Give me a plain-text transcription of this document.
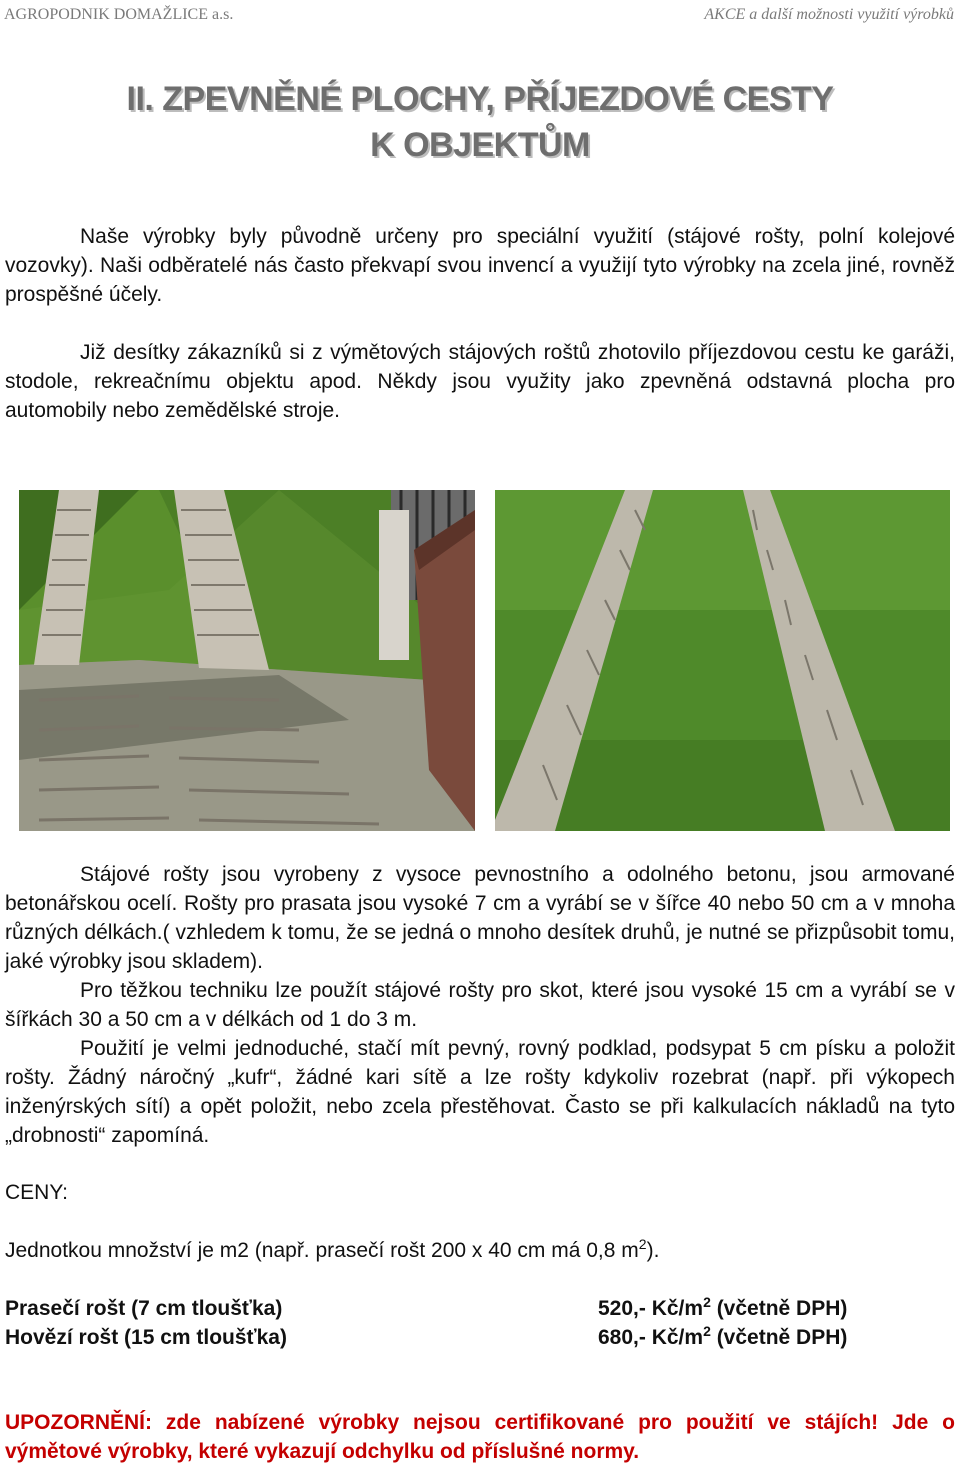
AGROPODNIK DOMAŽLICE a.s.	AKCE a další možnosti využití výrobků
II. ZPEVNĚNÉ PLOCHY, PŘÍJEZDOVÉ CESTY
K OBJEKTŮM
Naše výrobky byly původně určeny pro speciální využití (stájové rošty, polní kolejové vozovky). Naši odběratelé nás často překvapí svou invencí a využijí tyto výrobky na zcela jiné, rovněž prospěšné účely.
Již desítky zákazníků si z výmětových stájových roštů zhotovilo příjezdovou cestu ke garáži, stodole, rekreačnímu objektu apod. Někdy jsou využity jako zpevněná odstavná plocha pro automobily nebo zemědělské stroje.
Stájové rošty jsou vyrobeny z vysoce pevnostního a odolného betonu, jsou armované betonářskou ocelí. Rošty pro prasata jsou vysoké 7 cm a vyrábí se v šířce 40 nebo 50 cm a v mnoha různých délkách.( vzhledem k tomu, že se jedná o mnoho desítek druhů, je nutné se přizpůsobit tomu, jaké výrobky jsou skladem).
Pro těžkou techniku lze použít stájové rošty pro skot, které jsou vysoké 15 cm a vyrábí se v šířkách 30 a 50 cm a v délkách od 1 do 3 m.
Použití je velmi jednoduché, stačí mít pevný, rovný podklad, podsypat 5 cm písku a položit rošty. Žádný náročný „kufr“, žádné kari sítě a lze rošty kdykoliv rozebrat (např. při výkopech inženýrských sítí) a opět položit, nebo zcela přestěhovat. Často se při kalkulacích nákladů na tyto „drobnosti“ zapomíná.
CENY:
Jednotkou množství je m2 (např. prasečí rošt 200 x 40 cm má 0,8 $m^2$).
Prasečí rošt (7 cm tloušťka)	520,- $Kč/m^2$ (včetně DPH)
Hovězí rošt (15 cm tloušťka)	680,- $Kč/m^2$ (včetně DPH)
UPOZORNĚNÍ: zde nabízené výrobky nejsou certifikované pro použití ve stájích! Jde o výmětové výrobky, které vykazují odchylku od příslušné normy.
